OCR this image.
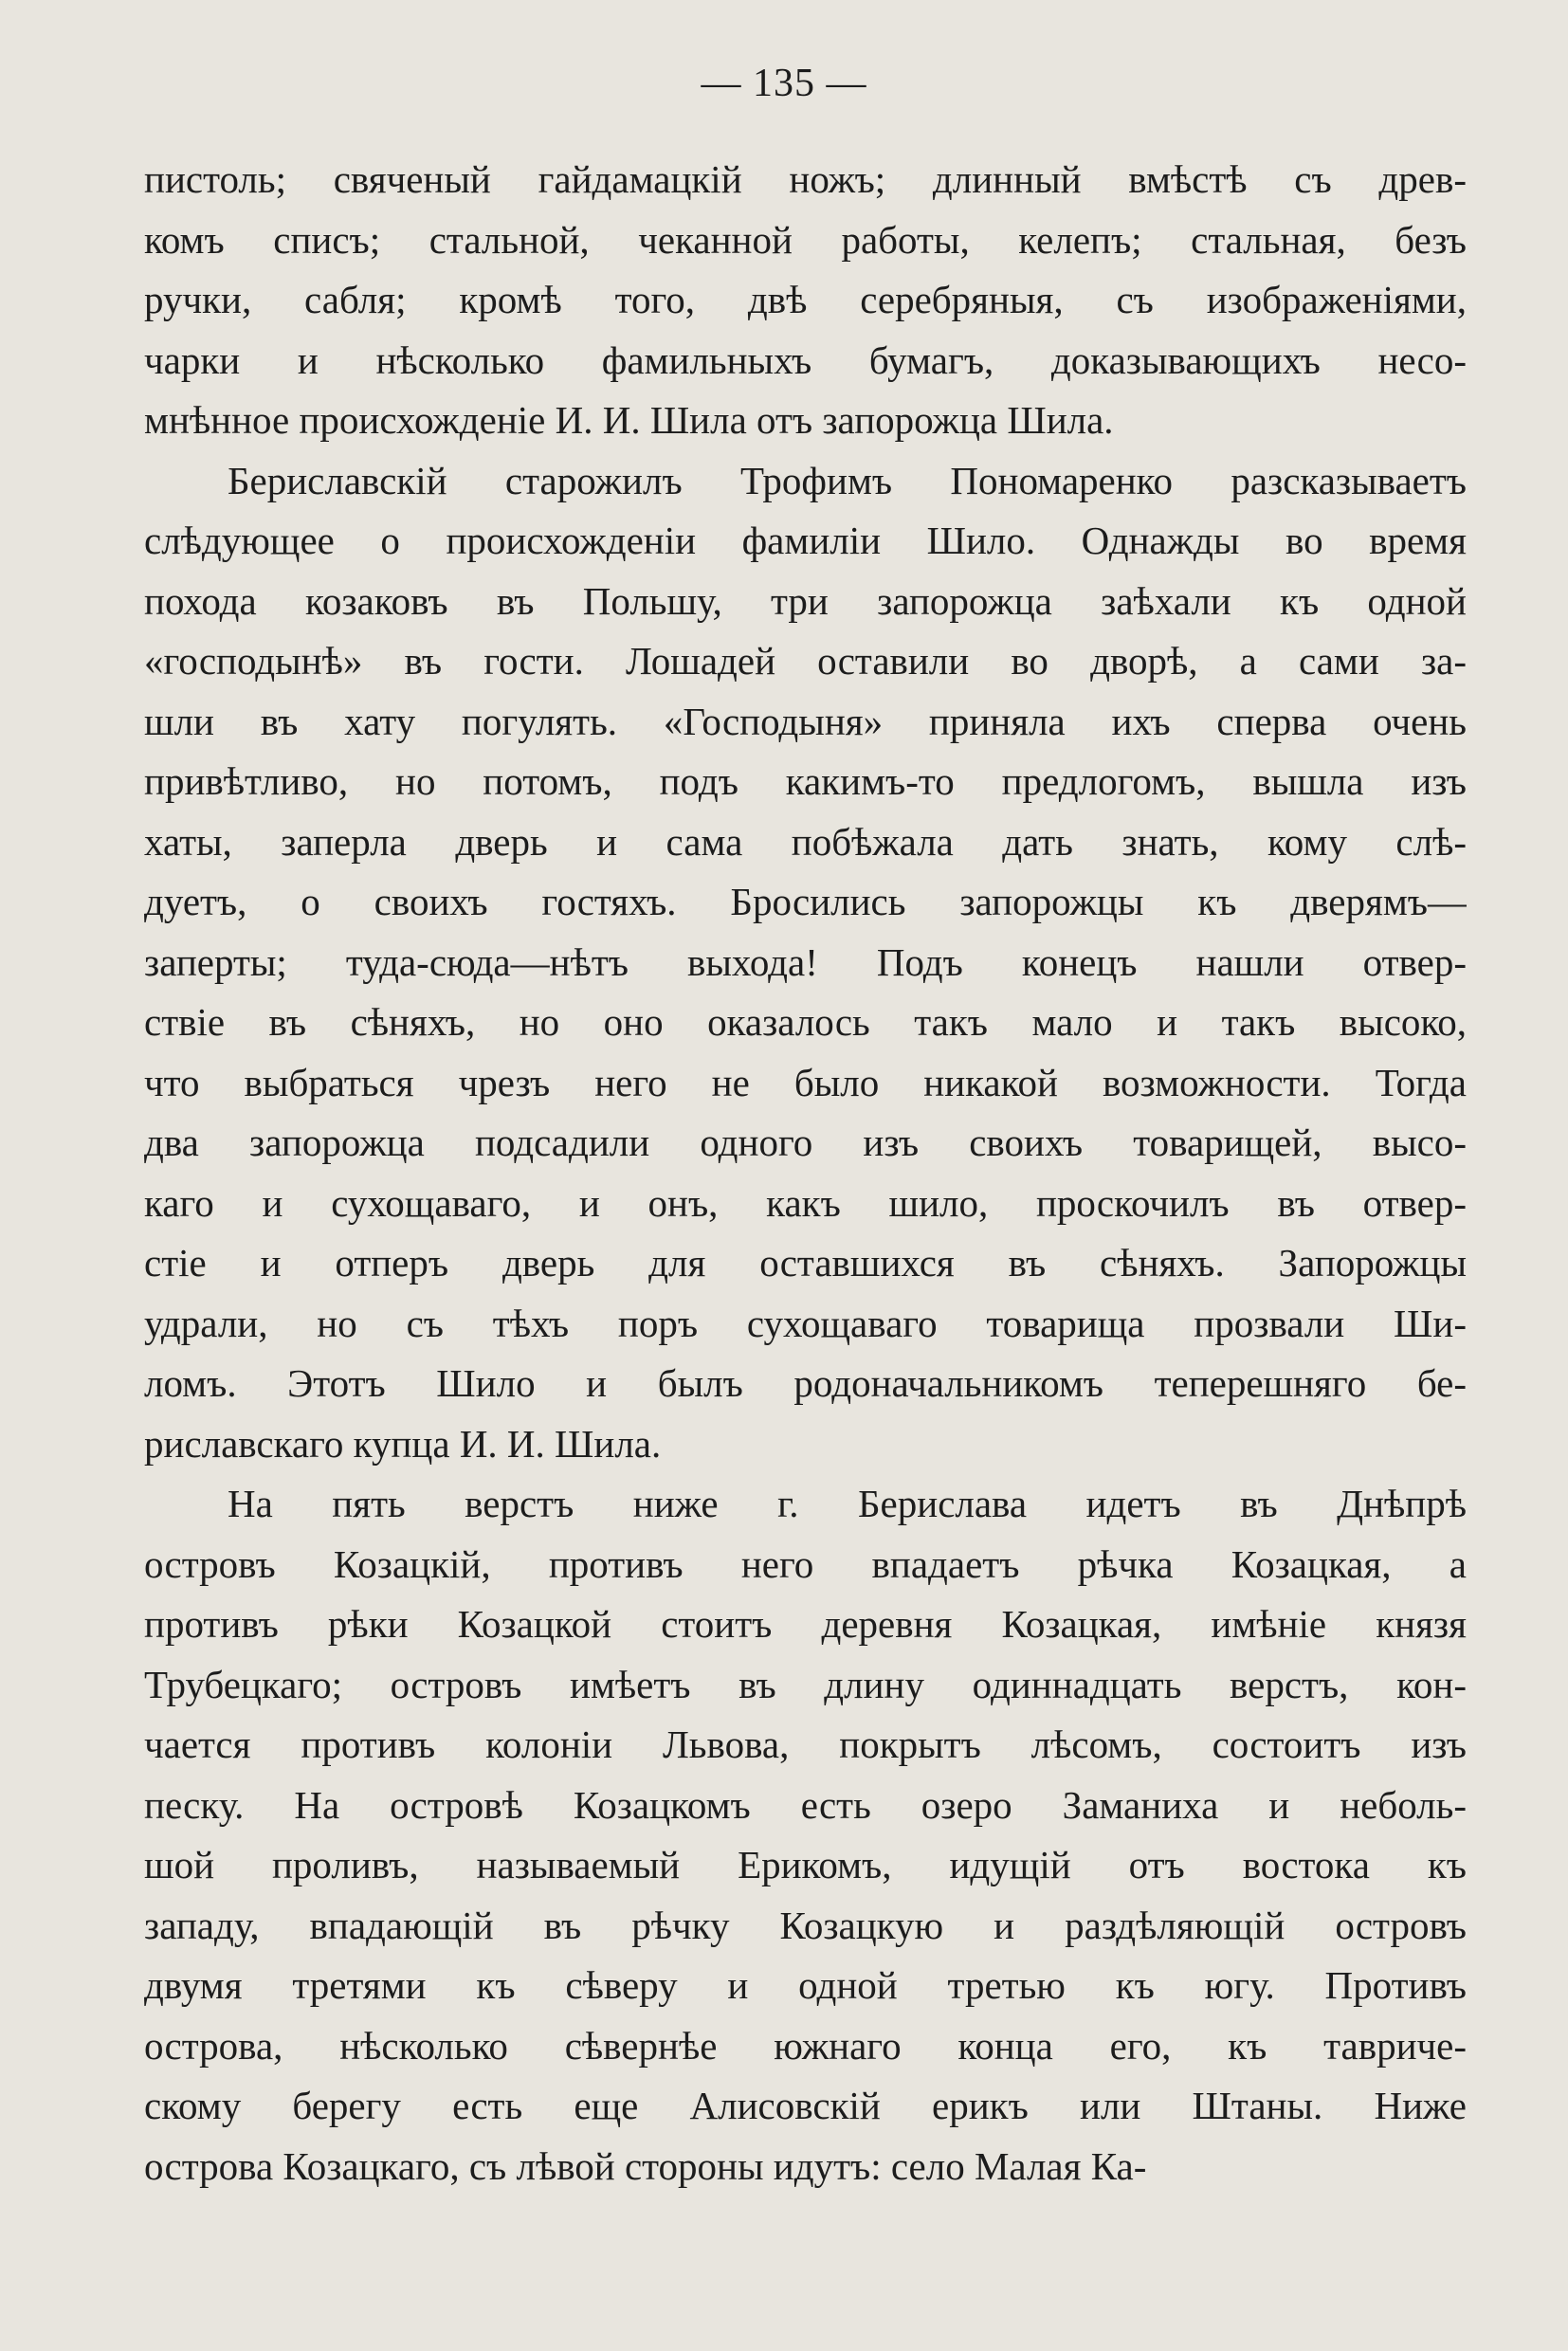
— 135 —
пистоль; свяченый гайдамацкій ножъ; длинный вмѣстѣ съ древ-
комъ списъ; стальной, чеканной работы, келепъ; стальная, безъ
ручки, сабля; кромѣ того, двѣ серебряныя, съ изображеніями,
чарки и нѣсколько фамильныхъ бумагъ, доказывающихъ несо-
мнѣнное происхожденіе И. И. Шила отъ запорожца Шила.
Бериславскій старожилъ Трофимъ Пономаренко разсказываетъ
слѣдующее о происхожденіи фамиліи Шило. Однажды во время
похода козаковъ въ Польшу, три запорожца заѣхали къ одной
«господынѣ» въ гости. Лошадей оставили во дворѣ, а сами за-
шли въ хату погулять. «Господыня» приняла ихъ сперва очень
привѣтливо, но потомъ, подъ какимъ-то предлогомъ, вышла изъ
хаты, заперла дверь и сама побѣжала дать знать, кому слѣ-
дуетъ, о своихъ гостяхъ. Бросились запорожцы къ дверямъ—
заперты; туда-сюда—нѣтъ выхода! Подъ конецъ нашли отвер-
ствіе въ сѣняхъ, но оно оказалось такъ мало и такъ высоко,
что выбраться чрезъ него не было никакой возможности. Тогда
два запорожца подсадили одного изъ своихъ товарищей, высо-
каго и сухощаваго, и онъ, какъ шило, проскочилъ въ отвер-
стіе и отперъ дверь для оставшихся въ сѣняхъ. Запорожцы
удрали, но съ тѣхъ поръ сухощаваго товарища прозвали Ши-
ломъ. Этотъ Шило и былъ родоначальникомъ теперешняго бе-
риславскаго купца И. И. Шила.
На пять верстъ ниже г. Берислава идетъ въ Днѣпрѣ
островъ Козацкій, противъ него впадаетъ рѣчка Козацкая, а
противъ рѣки Козацкой стоитъ деревня Козацкая, имѣніе князя
Трубецкаго; островъ имѣетъ въ длину одиннадцать верстъ, кон-
чается противъ колоніи Львова, покрытъ лѣсомъ, состоитъ изъ
песку. На островѣ Козацкомъ есть озеро Заманиха и неболь-
шой проливъ, называемый Ерикомъ, идущій отъ востока къ
западу, впадающій въ рѣчку Козацкую и раздѣляющій островъ
двумя третями къ сѣверу и одной третью къ югу. Противъ
острова, нѣсколько сѣвернѣе южнаго конца его, къ тавриче-
скому берегу есть еще Алисовскій ерикъ или Штаны. Ниже
острова Козацкаго, съ лѣвой стороны идутъ: село Малая Ка-
